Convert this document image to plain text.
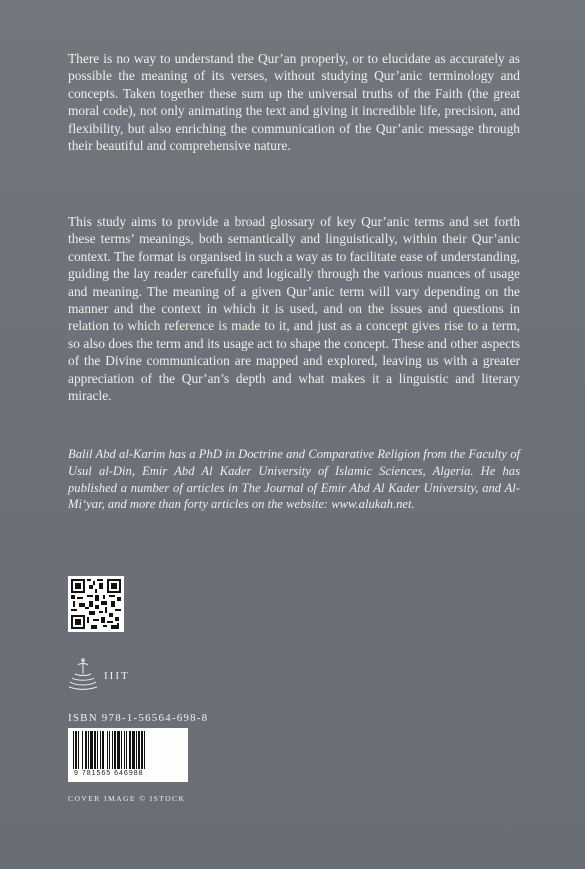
There is no way to understand the Qur’an properly, or to elucidate as accurately as possible the meaning of its verses, without studying Qur’anic terminology and concepts. Taken together these sum up the universal truths of the Faith (the great moral code), not only animating the text and giving it incredible life, precision, and flexibility, but also enriching the communication of the Qur’anic message through their beautiful and comprehensive nature.

This study aims to provide a broad glossary of key Qur’anic terms and set forth these terms’ meanings, both semantically and linguistically, within their Qur’anic context. The format is organised in such a way as to facilitate ease of understanding, guiding the lay reader carefully and logically through the various nuances of usage and meaning. The meaning of a given Qur’anic term will vary depending on the manner and the context in which it is used, and on the issues and questions in relation to which reference is made to it, and just as a concept gives rise to a term, so also does the term and its usage act to shape the concept. These and other aspects of the Divine communication are mapped and explored, leaving us with a greater appreciation of the Qur’an’s depth and what makes it a linguistic and literary miracle.

Balil Abd al-Karim has a PhD in Doctrine and Comparative Religion from the Faculty of Usul al-Din, Emir Abd Al Kader University of Islamic Sciences, Algeria. He has published a number of articles in The Journal of Emir Abd Al Kader University, and Al-Mi‘yar, and more than forty articles on the website: www.alukah.net.

IIIT
ISBN 978-1-56564-698-8
9 781565 646988
COVER IMAGE © ISTOCK
